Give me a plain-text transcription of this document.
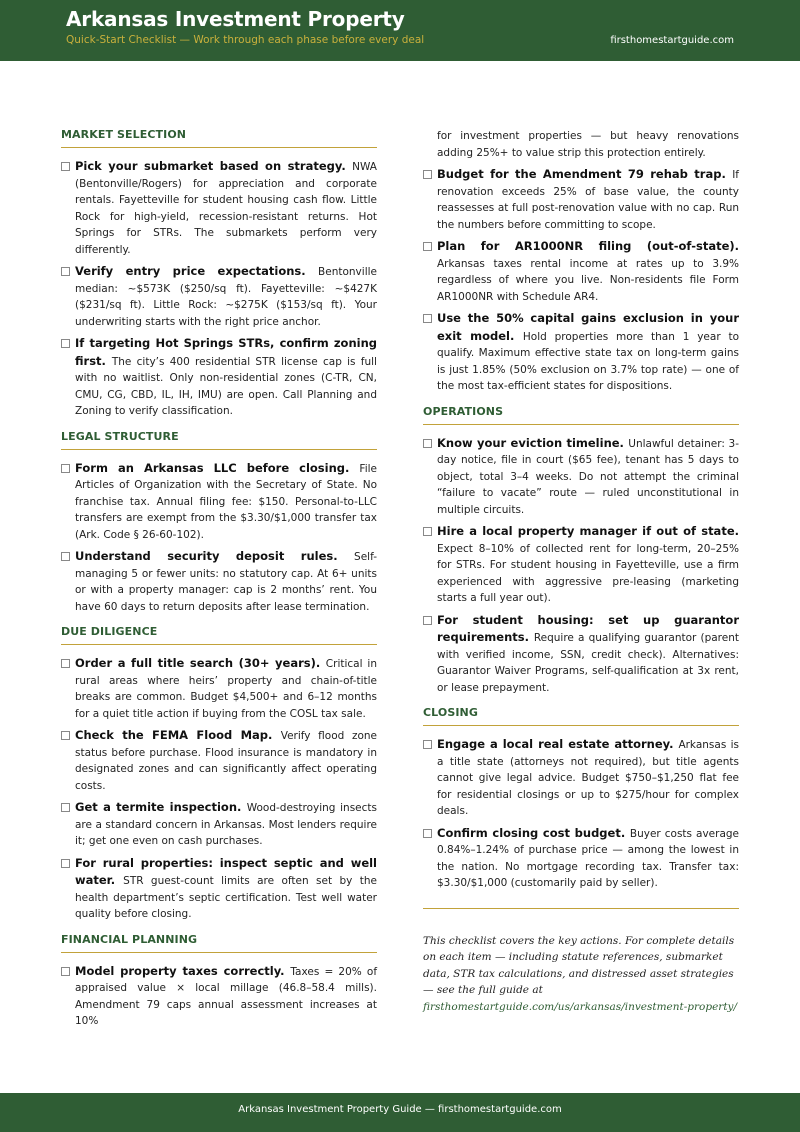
Arkansas Investment Property
Quick-Start Checklist — Work through each phase before every deal	firsthomestartguide.com
MARKET SELECTION
Pick your submarket based on strategy. NWA (Bentonville/Rogers) for appreciation and corporate rentals. Fayetteville for student housing cash flow. Little Rock for high-yield, recession-resistant returns. Hot Springs for STRs. The submarkets perform very differently.
Verify entry price expectations. Bentonville median: ~$573K ($250/sq ft). Fayetteville: ~$427K ($231/sq ft). Little Rock: ~$275K ($153/sq ft). Your underwriting starts with the right price anchor.
If targeting Hot Springs STRs, confirm zoning first. The city’s 400 residential STR license cap is full with no waitlist. Only non-residential zones (C-TR, CN, CMU, CG, CBD, IL, IH, IMU) are open. Call Planning and Zoning to verify classification.
LEGAL STRUCTURE
Form an Arkansas LLC before closing. File Articles of Organization with the Secretary of State. No franchise tax. Annual filing fee: $150. Personal-to-LLC transfers are exempt from the $3.30/$1,000 transfer tax (Ark. Code § 26-60-102).
Understand security deposit rules. Self-managing 5 or fewer units: no statutory cap. At 6+ units or with a property manager: cap is 2 months’ rent. You have 60 days to return deposits after lease termination.
DUE DILIGENCE
Order a full title search (30+ years). Critical in rural areas where heirs’ property and chain-of-title breaks are common. Budget $4,500+ and 6–12 months for a quiet title action if buying from the COSL tax sale.
Check the FEMA Flood Map. Verify flood zone status before purchase. Flood insurance is mandatory in designated zones and can significantly affect operating costs.
Get a termite inspection. Wood-destroying insects are a standard concern in Arkansas. Most lenders require it; get one even on cash purchases.
For rural properties: inspect septic and well water. STR guest-count limits are often set by the health department’s septic certification. Test well water quality before closing.
FINANCIAL PLANNING
Model property taxes correctly. Taxes = 20% of appraised value × local millage (46.8–58.4 mills). Amendment 79 caps annual assessment increases at 10%
for investment properties — but heavy renovations adding 25%+ to value strip this protection entirely.
Budget for the Amendment 79 rehab trap. If renovation exceeds 25% of base value, the county reassesses at full post-renovation value with no cap. Run the numbers before committing to scope.
Plan for AR1000NR filing (out-of-state). Arkansas taxes rental income at rates up to 3.9% regardless of where you live. Non-residents file Form AR1000NR with Schedule AR4.
Use the 50% capital gains exclusion in your exit model. Hold properties more than 1 year to qualify. Maximum effective state tax on long-term gains is just 1.85% (50% exclusion on 3.7% top rate) — one of the most tax-efficient states for dispositions.
OPERATIONS
Know your eviction timeline. Unlawful detainer: 3-day notice, file in court ($65 fee), tenant has 5 days to object, total 3–4 weeks. Do not attempt the criminal “failure to vacate” route — ruled unconstitutional in multiple circuits.
Hire a local property manager if out of state. Expect 8–10% of collected rent for long-term, 20–25% for STRs. For student housing in Fayetteville, use a firm experienced with aggressive pre-leasing (marketing starts a full year out).
For student housing: set up guarantor requirements. Require a qualifying guarantor (parent with verified income, SSN, credit check). Alternatives: Guarantor Waiver Programs, self-qualification at 3x rent, or lease prepayment.
CLOSING
Engage a local real estate attorney. Arkansas is a title state (attorneys not required), but title agents cannot give legal advice. Budget $750–$1,250 flat fee for residential closings or up to $275/hour for complex deals.
Confirm closing cost budget. Buyer costs average 0.84%–1.24% of purchase price — among the lowest in the nation. No mortgage recording tax. Transfer tax: $3.30/$1,000 (customarily paid by seller).
This checklist covers the key actions. For complete details on each item — including statute references, submarket data, STR tax calculations, and distressed asset strategies — see the full guide at firsthomestartguide.com/us/arkansas/investment-property/
Arkansas Investment Property Guide — firsthomestartguide.com
